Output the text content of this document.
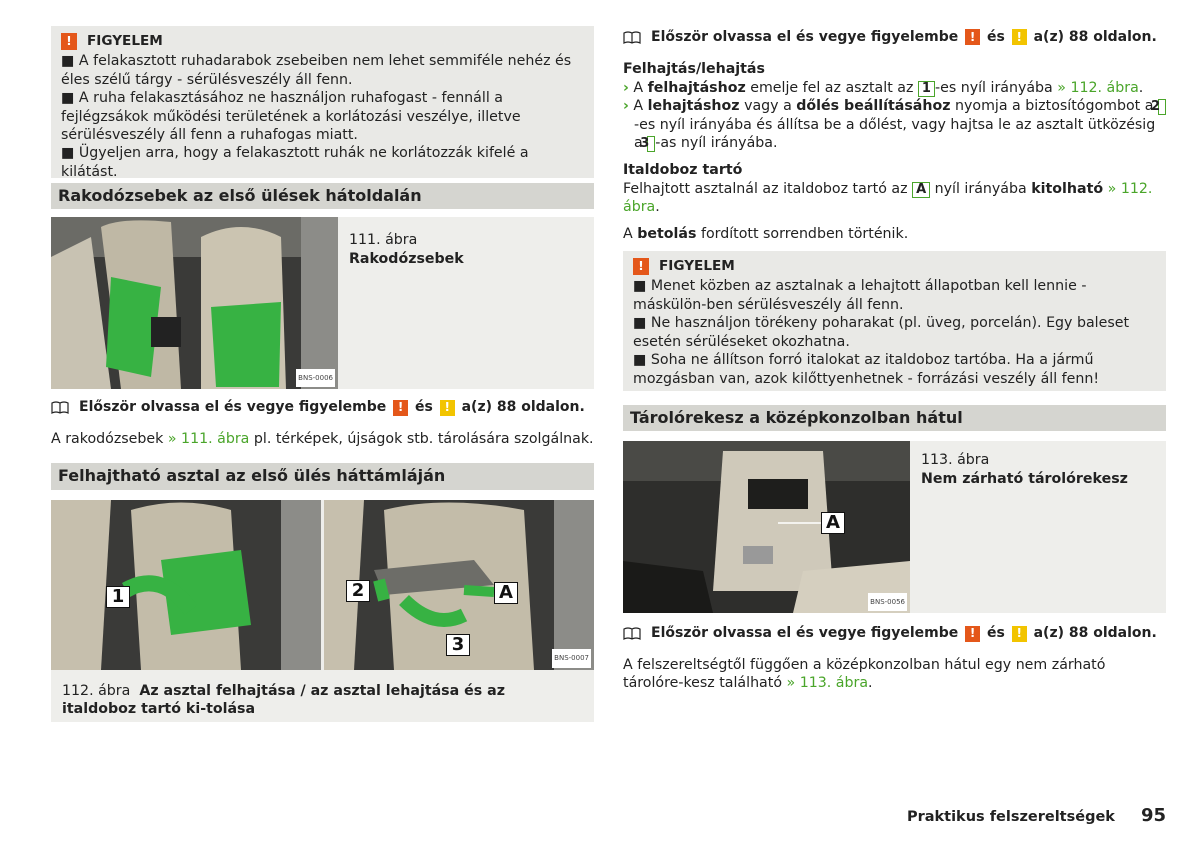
!	FIGYELEM
■ A felakasztott ruhadarabok zsebeiben nem lehet semmiféle nehéz és éles szélű tárgy - sérülésveszély áll fenn.
■ A ruha felakasztásához ne használjon ruhafogast - fennáll a fejlégzsákok működési területének a korlátozási veszélye, illetve sérülésveszély áll fenn a ruhafogas miatt.
■ Ügyeljen arra, hogy a felakasztott ruhák ne korlátozzák kifelé a kilátást.
Rakodózsebek az első ülések hátoldalán
BNS-0006
111. ábra
Rakodózsebek
Először olvassa el és vegye figyelembe
!
és
!
a(z) 88 oldalon.

A rakodózsebek » 111. ábra pl. térképek, újságok stb. tárolására szolgálnak.

Felhajtható asztal az első ülés háttámláján
1	2	A
3
BNS-0007
112. ábra Az asztal felhajtása / az asztal lehajtása és az italdoboz tartó ki-tolása
Először olvassa el és vegye figyelembe
!
és
!
a(z) 88 oldalon.

Felhajtás/lehajtás

› A felhajtáshoz emelje fel az asztalt az 1 -es nyíl irányába » 112. ábra.

› A lehajtáshoz vagy a dőlés beállításához nyomja a biztosítógombot a 2-es nyíl irányába és állítsa be a dőlést, vagy hajtsa le az asztalt ütközésig a 3 -as nyíl irányába.

Italdoboz tartó

Felhajtott asztalnál az italdoboz tartó az A nyíl irányába kitolható » 112. ábra.

A betolás fordított sorrendben történik.

!	FIGYELEM
■ Menet közben az asztalnak a lehajtott állapotban kell lennie - máskülön-ben sérülésveszély áll fenn.
■ Ne használjon törékeny poharakat (pl. üveg, porcelán). Egy baleset esetén sérüléseket okozhatna.
■ Soha ne állítson forró italokat az italdoboz tartóba. Ha a jármű mozgásban van, azok kilőttyenhetnek - forrázási veszély áll fenn!
Tárolórekesz a középkonzolban hátul
A
BNS-0056
113. ábra
Nem zárható tárolórekesz
Először olvassa el és vegye figyelembe
!
és
!
a(z) 88 oldalon.

A felszereltségtől függően a középkonzolban hátul egy nem zárható tárolóre-kesz található » 113. ábra.

Praktikus felszereltségek 95
